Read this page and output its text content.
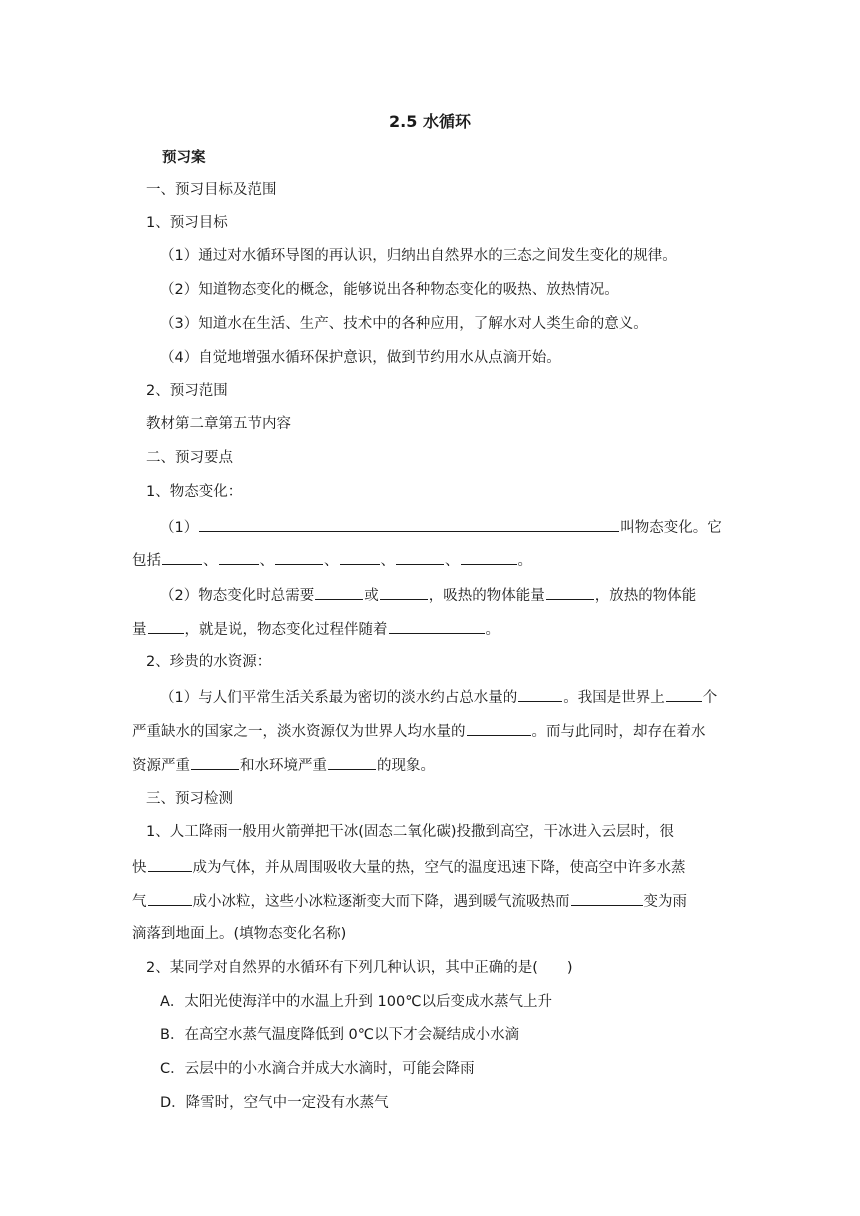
2.5 水循环
预习案
一、预习目标及范围
1、预习目标
（1）通过对水循环导图的再认识，归纳出自然界水的三态之间发生变化的规律。
（2）知道物态变化的概念，能够说出各种物态变化的吸热、放热情况。
（3）知道水在生活、生产、技术中的各种应用，了解水对人类生命的意义。
（4）自觉地增强水循环保护意识，做到节约用水从点滴开始。
2、预习范围
教材第二章第五节内容
二、预习要点
1、物态变化：
（1）	叫物态变化。它
包括	、	、	、	、	、	。
（2）物态变化时总需要	或	，吸热的物体能量	，放热的物体能
量	，就是说，物态变化过程伴随着	。
2、珍贵的水资源：
（1）与人们平常生活关系最为密切的淡水约占总水量的	。我国是世界上	个
严重缺水的国家之一，淡水资源仅为世界人均水量的	。而与此同时，却存在着水
资源严重	和水环境严重	的现象。
三、预习检测
1、人工降雨一般用火箭弹把干冰(固态二氧化碳)投撒到高空，干冰进入云层时，很
快	成为气体，并从周围吸收大量的热，空气的温度迅速下降，使高空中许多水蒸
气	成小冰粒，这些小冰粒逐渐变大而下降，遇到暖气流吸热而	变为雨
滴落到地面上。(填物态变化名称)
2、某同学对自然界的水循环有下列几种认识，其中正确的是(　　)
A．太阳光使海洋中的水温上升到 100℃以后变成水蒸气上升
B．在高空水蒸气温度降低到 0℃以下才会凝结成小水滴
C．云层中的小水滴合并成大水滴时，可能会降雨
D．降雪时，空气中一定没有水蒸气
